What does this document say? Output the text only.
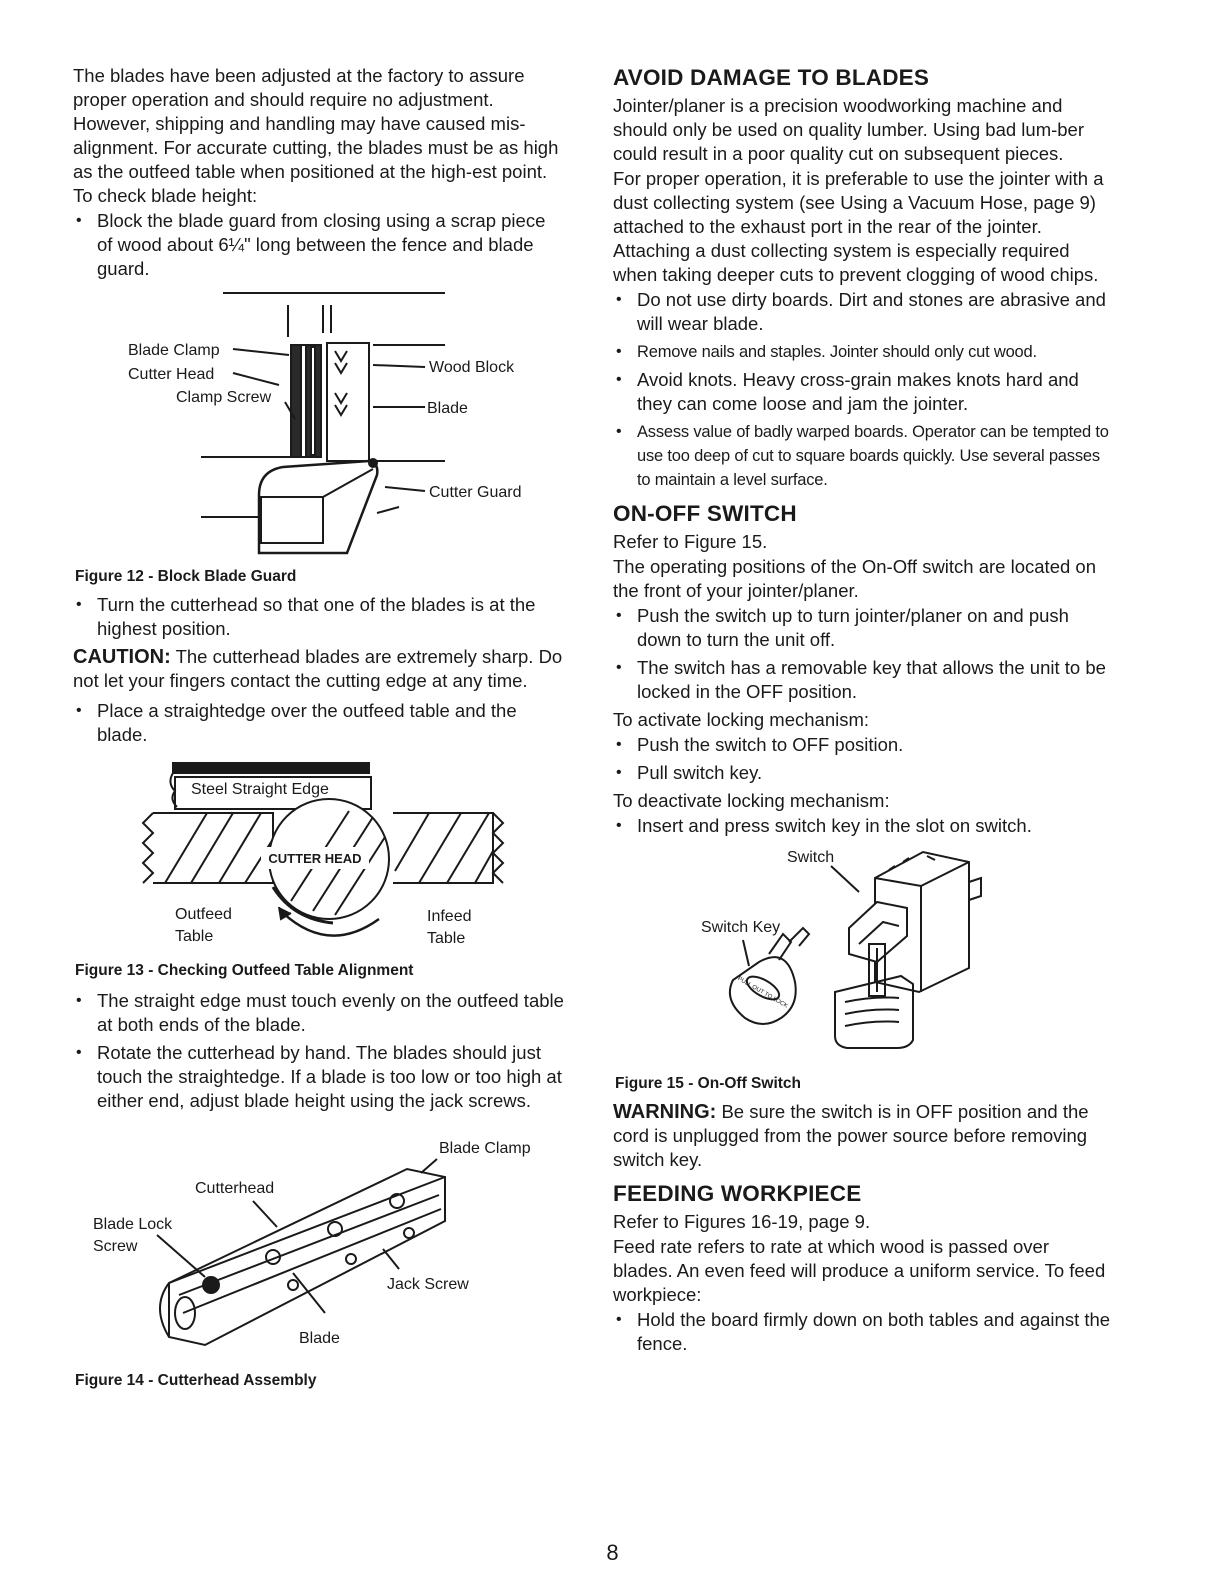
The blades have been adjusted at the factory to assure proper operation and should require no adjustment. However, shipping and handling may have caused mis-alignment. For accurate cutting, the blades must be as high as the outfeed table when positioned at the high-est point. To check blade height:

• Block the blade guard from closing using a scrap piece of wood about 6¼" long between the fence and blade guard.
Blade Clamp
Cutter Head
Clamp Screw
Wood Block
Blade
Cutter Guard
Figure 12 - Block Blade Guard
• Turn the cutterhead so that one of the blades is at the highest position.

CAUTION: The cutterhead blades are extremely sharp. Do not let your fingers contact the cutting edge at any time.

• Place a straightedge over the outfeed table and the blade.
CUTTER HEAD
Steel Straight Edge
Outfeed
Table
Infeed
Table
Figure 13 - Checking Outfeed Table Alignment
• The straight edge must touch evenly on the outfeed table at both ends of the blade.
• Rotate the cutterhead by hand. The blades should just touch the straightedge. If a blade is too low or too high at either end, adjust blade height using the jack screws.
Blade Clamp
Cutterhead
Blade Lock
Screw
Jack Screw
Blade
Figure 14 - Cutterhead Assembly
AVOID DAMAGE TO BLADES

Jointer/planer is a precision woodworking machine and should only be used on quality lumber. Using bad lum-ber could result in a poor quality cut on subsequent pieces.

For proper operation, it is preferable to use the jointer with a dust collecting system (see Using a Vacuum Hose, page 9) attached to the exhaust port in the rear of the jointer. Attaching a dust collecting system is especially required when taking deeper cuts to prevent clogging of wood chips.

• Do not use dirty boards. Dirt and stones are abrasive and will wear blade.
• Remove nails and staples. Jointer should only cut wood.
• Avoid knots. Heavy cross-grain makes knots hard and they can come loose and jam the jointer.
• Assess value of badly warped boards. Operator can be tempted to use too deep of cut to square boards quickly. Use several passes to maintain a level surface.
ON-OFF SWITCH

Refer to Figure 15.

The operating positions of the On-Off switch are located on the front of your jointer/planer.

• Push the switch up to turn jointer/planer on and push down to turn the unit off.
• The switch has a removable key that allows the unit to be locked in the OFF position.

To activate locking mechanism:

• Push the switch to OFF position.
• Pull switch key.

To deactivate locking mechanism:

• Insert and press switch key in the slot on switch.
PULL OUT TO LOCK
Switch
Switch Key
Figure 15 - On-Off Switch

WARNING: Be sure the switch is in OFF position and the cord is unplugged from the power source before removing switch key.

FEEDING WORKPIECE

Refer to Figures 16-19, page 9.

Feed rate refers to rate at which wood is passed over blades. An even feed will produce a uniform service. To feed workpiece:

• Hold the board firmly down on both tables and against the fence.
8
